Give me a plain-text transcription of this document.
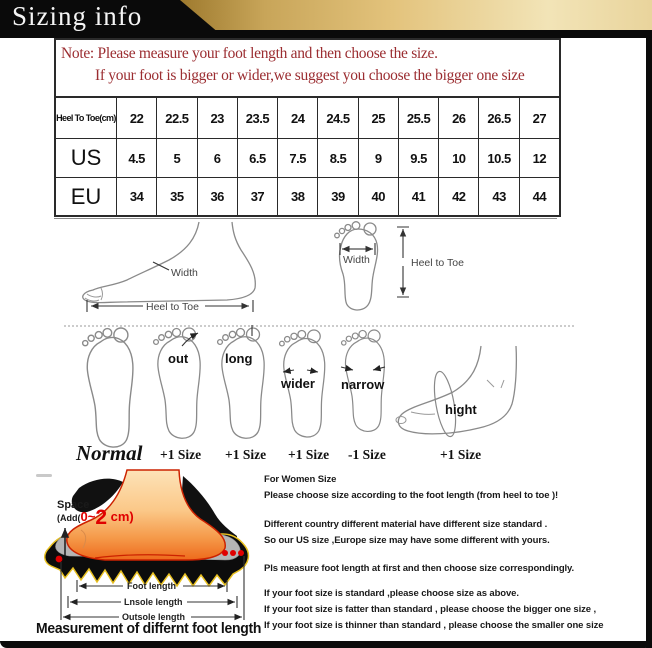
Sizing info
Note: Please measure your foot length and then choose the size.
If your foot is bigger or wider,we suggest you choose the bigger one size
Heel To Toe(cm)	22	22.5	23	23.5	24	24.5	25	25.5	26	26.5	27
US	4.5	5	6	6.5	7.5	8.5	9	9.5	10	10.5	12
EU	34	35	36	37	38	39	40	41	42	43	44
Width
Heel to Toe
Width	Heel to Toe
out	long
wider narrow
hight
Normal +1 Size +1 Size +1 Size -1 Size	+1 Size
Foot length
Lnsole length
Outsole length
Space
(Add(0~2 cm)
Measurement of differnt foot length
For Women Size
Please choose size according to the foot length (from heel to toe )!
Different country different material have different size standard .
So our US size ,Europe size may have some different with yours.
Pls measure foot length at first and then choose size correspondingly.
If your foot size is standard ,please choose size as above.
If your foot size is fatter than standard , please choose the bigger one size ,
If your foot size is thinner than standard , please choose the smaller one size
